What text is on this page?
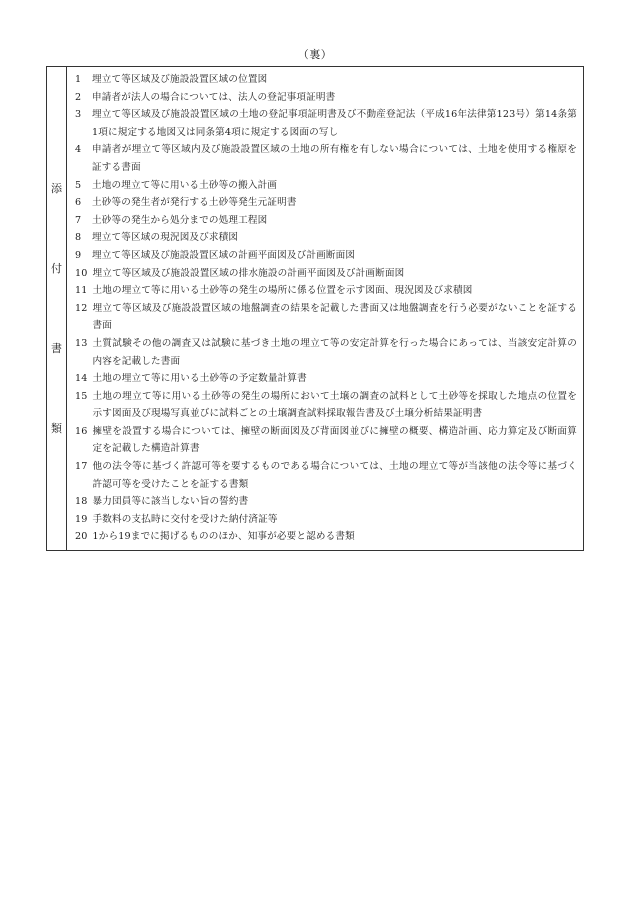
（裏）
添
付
書
類
1	埋立て等区域及び施設設置区域の位置図
2	申請者が法人の場合については、法人の登記事項証明書
3	埋立て等区域及び施設設置区域の土地の登記事項証明書及び不動産登記法（平成16年法律第123号）第14条第1項に規定する地図又は同条第4項に規定する図面の写し
4	申請者が埋立て等区域内及び施設設置区域の土地の所有権を有しない場合については、土地を使用する権原を証する書面
5	土地の埋立て等に用いる土砂等の搬入計画
6	土砂等の発生者が発行する土砂等発生元証明書
7	土砂等の発生から処分までの処理工程図
8	埋立て等区域の現況図及び求積図
9	埋立て等区域及び施設設置区域の計画平面図及び計画断面図
10 埋立て等区域及び施設設置区域の排水施設の計画平面図及び計画断面図
11 土地の埋立て等に用いる土砂等の発生の場所に係る位置を示す図面、現況図及び求積図
12 埋立て等区域及び施設設置区域の地盤調査の結果を記載した書面又は地盤調査を行う必要がないことを証する書面
13 土質試験その他の調査又は試験に基づき土地の埋立て等の安定計算を行った場合にあっては、当該安定計算の内容を記載した書面
14 土地の埋立て等に用いる土砂等の予定数量計算書
15 土地の埋立て等に用いる土砂等の発生の場所において土壌の調査の試料として土砂等を採取した地点の位置を示す図面及び現場写真並びに試料ごとの土壌調査試料採取報告書及び土壌分析結果証明書
16 擁壁を設置する場合については、擁壁の断面図及び背面図並びに擁壁の概要、構造計画、応力算定及び断面算定を記載した構造計算書
17 他の法令等に基づく許認可等を要するものである場合については、土地の埋立て等が当該他の法令等に基づく許認可等を受けたことを証する書類
18 暴力団員等に該当しない旨の誓約書
19 手数料の支払時に交付を受けた納付済証等
20 1から19までに掲げるもののほか、知事が必要と認める書類
